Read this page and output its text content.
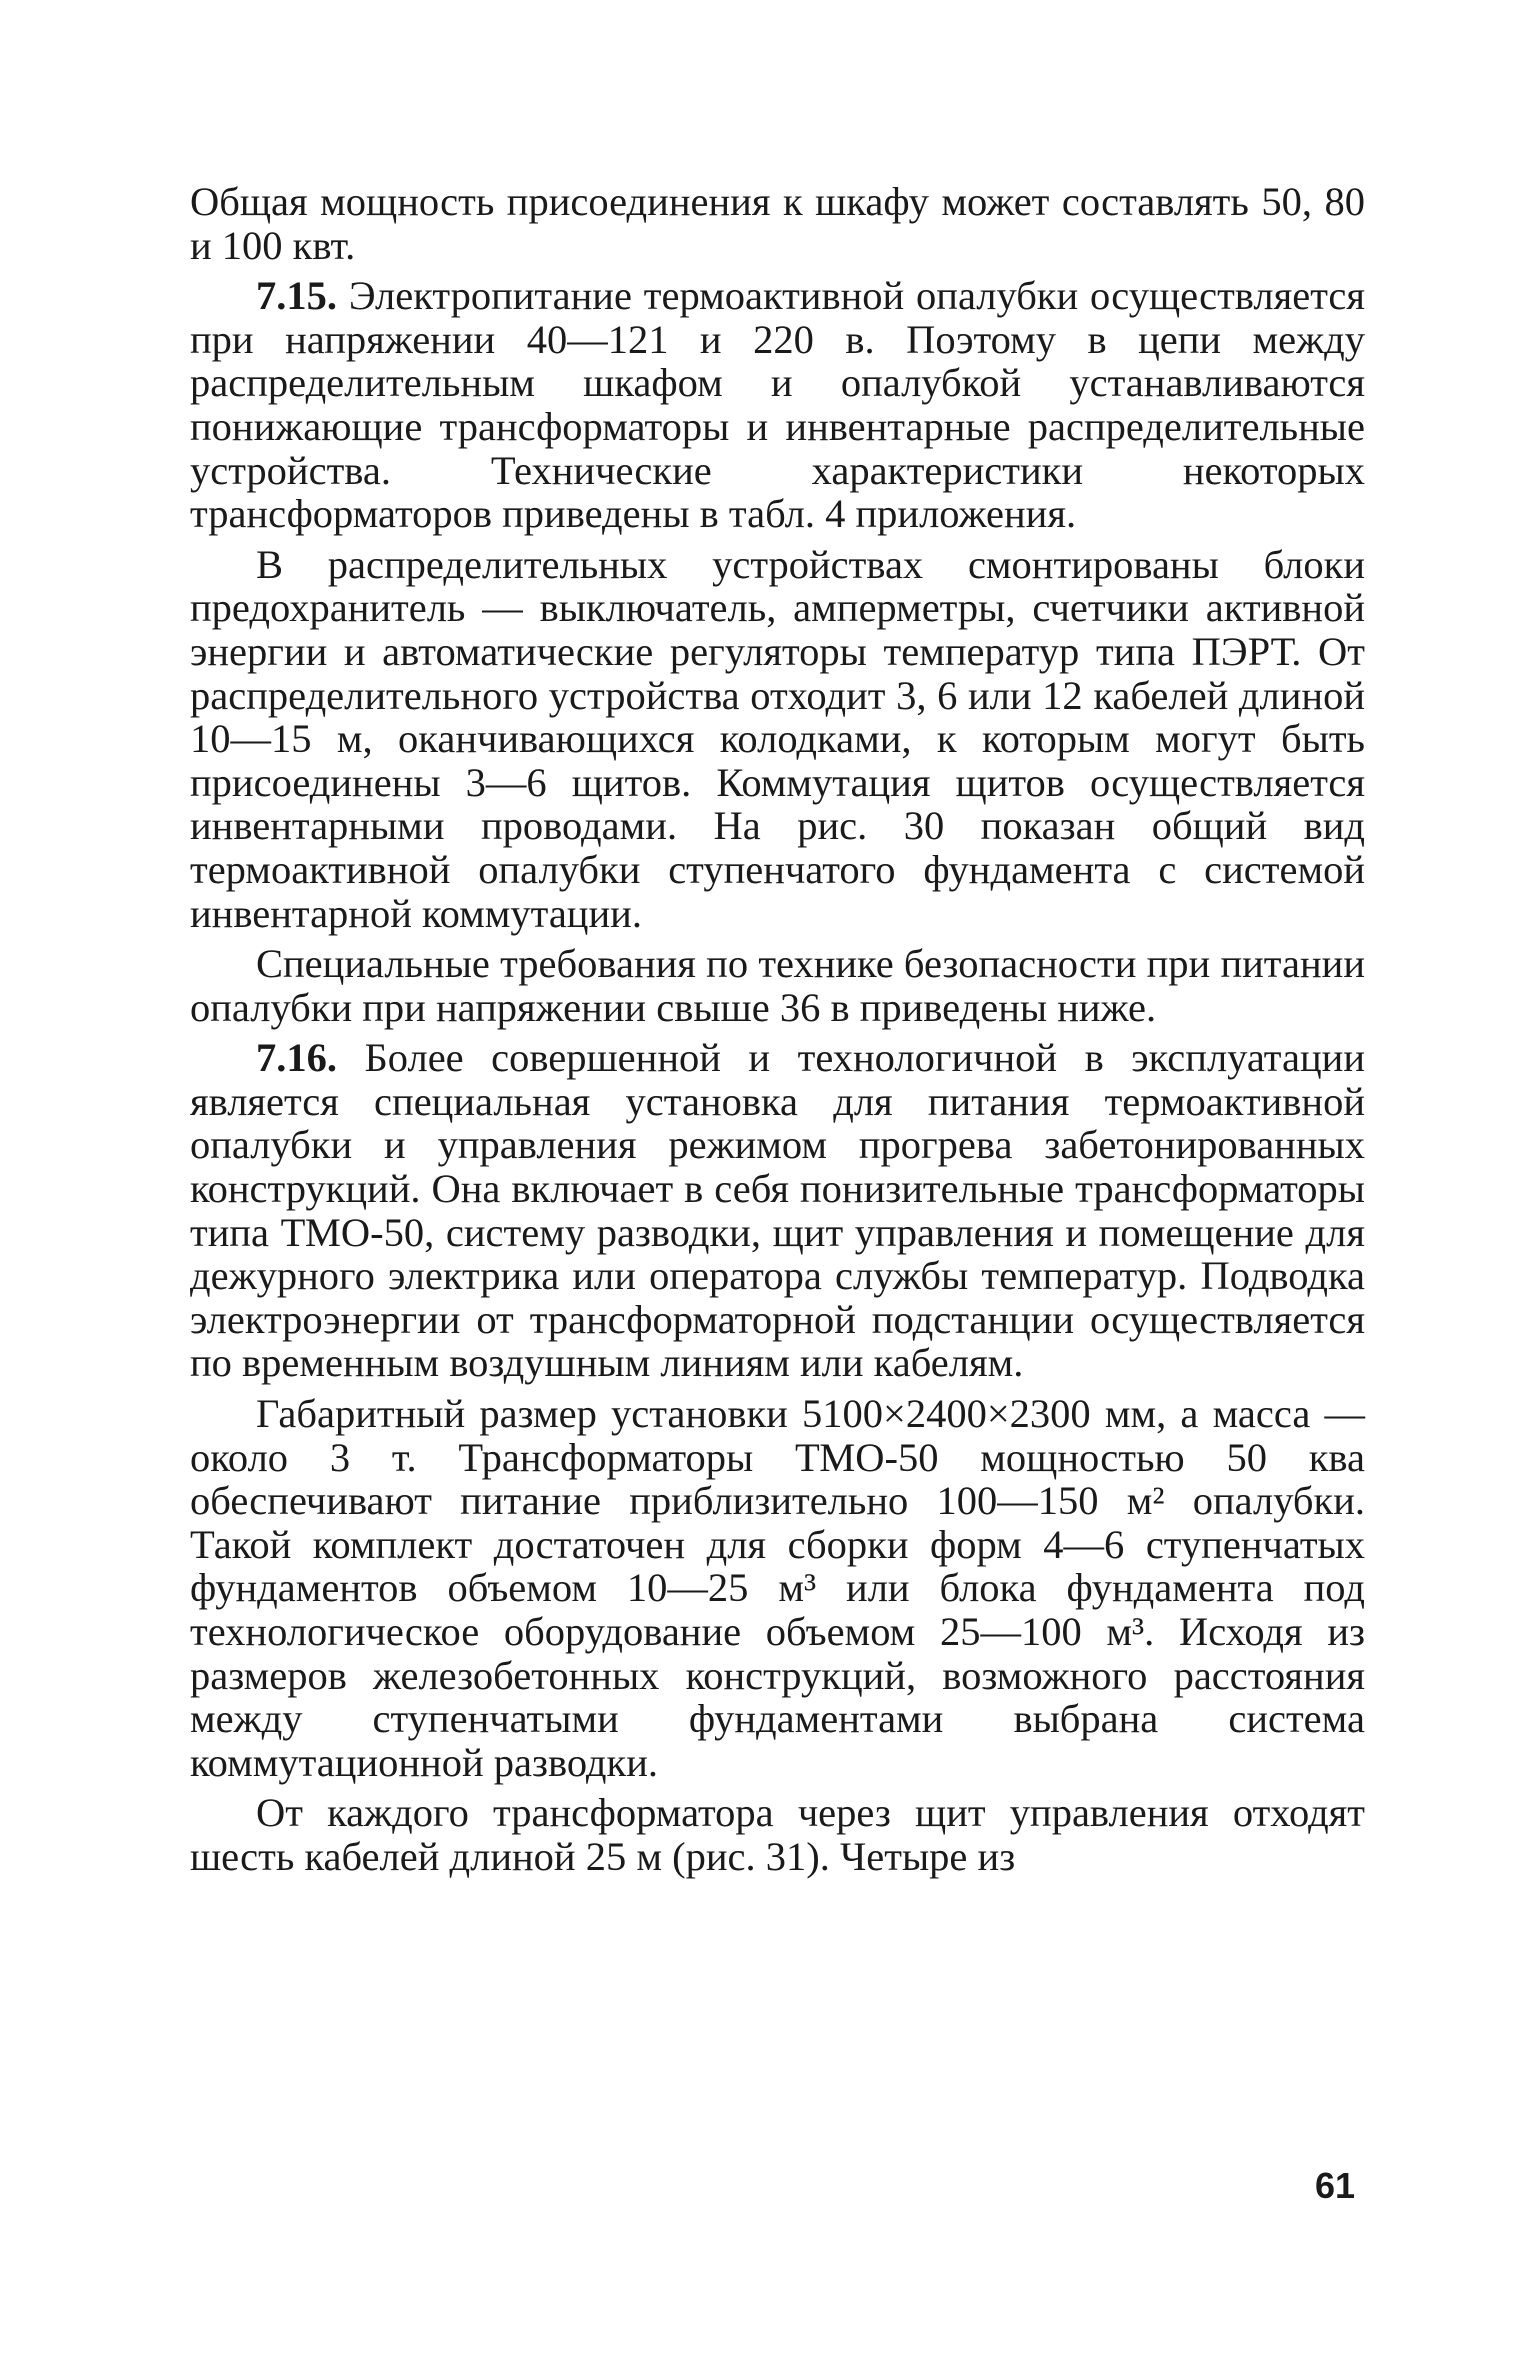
Общая мощность присоединения к шкафу может составлять 50, 80 и 100 квт.

7.15. Электропитание термоактивной опалубки осуществляется при напряжении 40—121 и 220 в. Поэтому в цепи между распределительным шкафом и опалубкой устанавливаются понижающие трансформаторы и инвентарные распределительные устройства. Технические характеристики некоторых трансформаторов приведены в табл. 4 приложения.

В распределительных устройствах смонтированы блоки предохранитель — выключатель, амперметры, счетчики активной энергии и автоматические регуляторы температур типа ПЭРТ. От распределительного устройства отходит 3, 6 или 12 кабелей длиной 10—15 м, оканчивающихся колодками, к которым могут быть присоединены 3—6 щитов. Коммутация щитов осуществляется инвентарными проводами. На рис. 30 показан общий вид термоактивной опалубки ступенчатого фундамента с системой инвентарной коммутации.

Специальные требования по технике безопасности при питании опалубки при напряжении свыше 36 в приведены ниже.

7.16. Более совершенной и технологичной в эксплуатации является специальная установка для питания термоактивной опалубки и управления режимом прогрева забетонированных конструкций. Она включает в себя понизительные трансформаторы типа ТМО-50, систему разводки, щит управления и помещение для дежурного электрика или оператора службы температур. Подводка электроэнергии от трансформаторной подстанции осуществляется по временным воздушным линиям или кабелям.

Габаритный размер установки 5100×2400×2300 мм, а масса — около 3 т. Трансформаторы ТМО-50 мощностью 50 ква обеспечивают питание приблизительно 100—150 м² опалубки. Такой комплект достаточен для сборки форм 4—6 ступенчатых фундаментов объемом 10—25 м³ или блока фундамента под технологическое оборудование объемом 25—100 м³. Исходя из размеров железобетонных конструкций, возможного расстояния между ступенчатыми фундаментами выбрана система коммутационной разводки.

От каждого трансформатора через щит управления отходят шесть кабелей длиной 25 м (рис. 31). Четыре из

61
